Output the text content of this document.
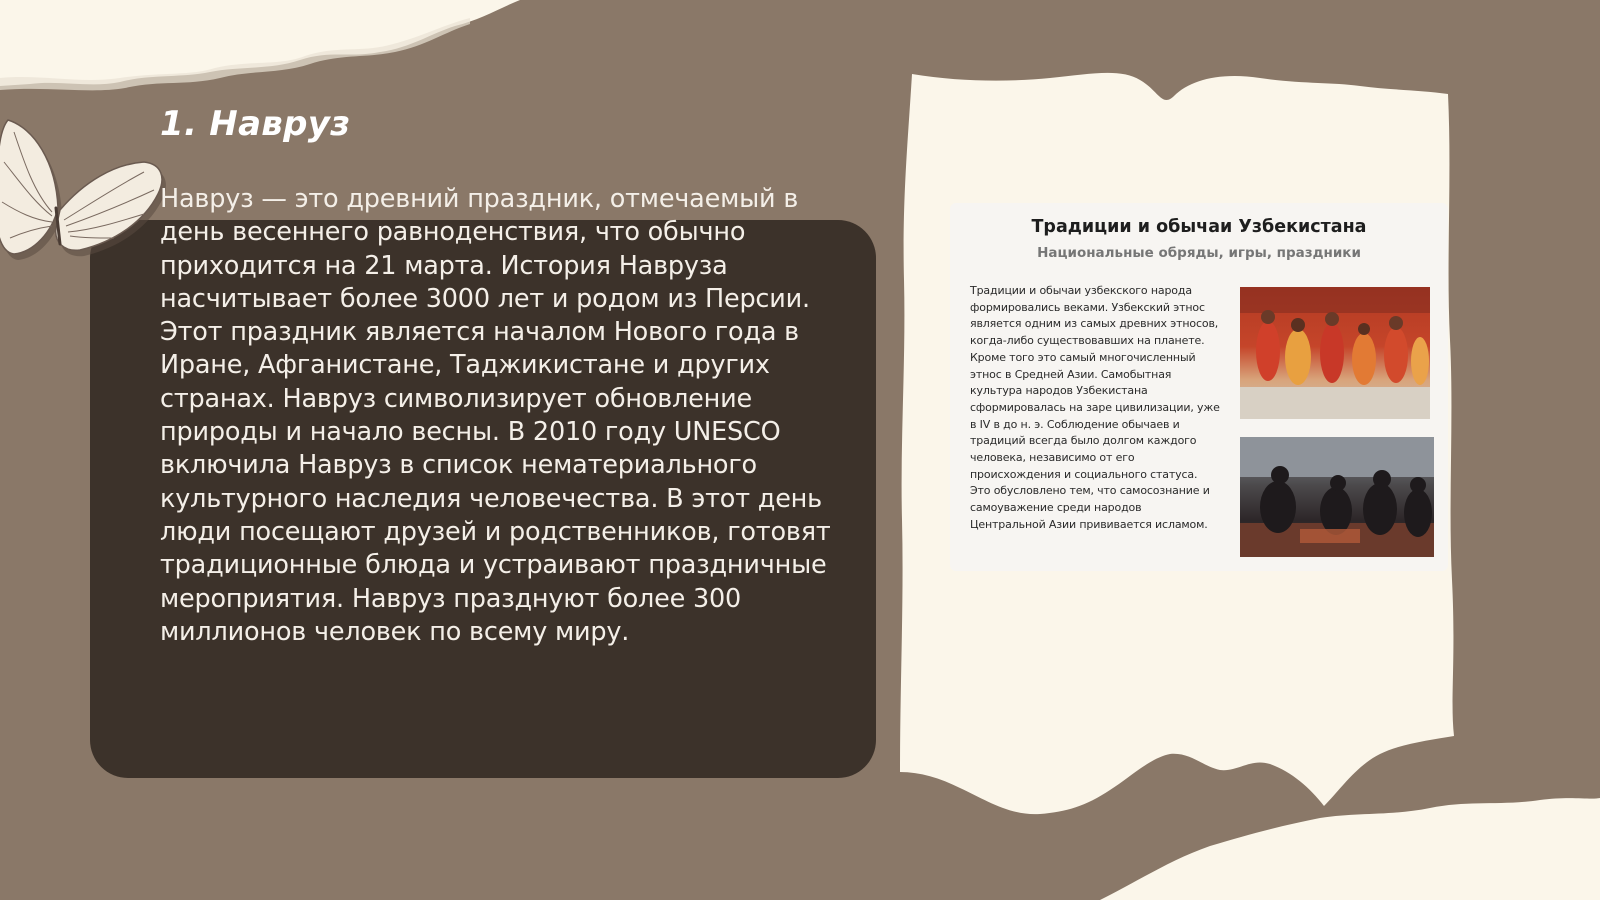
1. Навруз

Навруз — это древний праздник, отмечаемый в день весеннего равноденствия, что обычно приходится на 21 марта. История Навруза насчитывает более 3000 лет и родом из Персии. Этот праздник является началом Нового года в Иране, Афганистане, Таджикистане и других странах. Навруз символизирует обновление природы и начало весны. В 2010 году UNESCO включила Навруз в список нематериального культурного наследия человечества. В этот день люди посещают друзей и родственников, готовят традиционные блюда и устраивают праздничные мероприятия. Навруз празднуют более 300 миллионов человек по всему миру.

Традиции и обычаи Узбекистана

Национальные обряды, игры, праздники

Традиции и обычаи узбекского народа формировались веками. Узбекский этнос является одним из самых древних этносов, когда-либо существовавших на планете. Кроме того это самый многочисленный этнос в Средней Азии. Самобытная культура народов Узбекистана сформировалась на заре цивилизации, уже в IV в до н. э. Соблюдение обычаев и традиций всегда было долгом каждого человека, независимо от его происхождения и социального статуса. Это обусловлено тем, что самосознание и самоуважение среди народов Центральной Азии прививается исламом.
